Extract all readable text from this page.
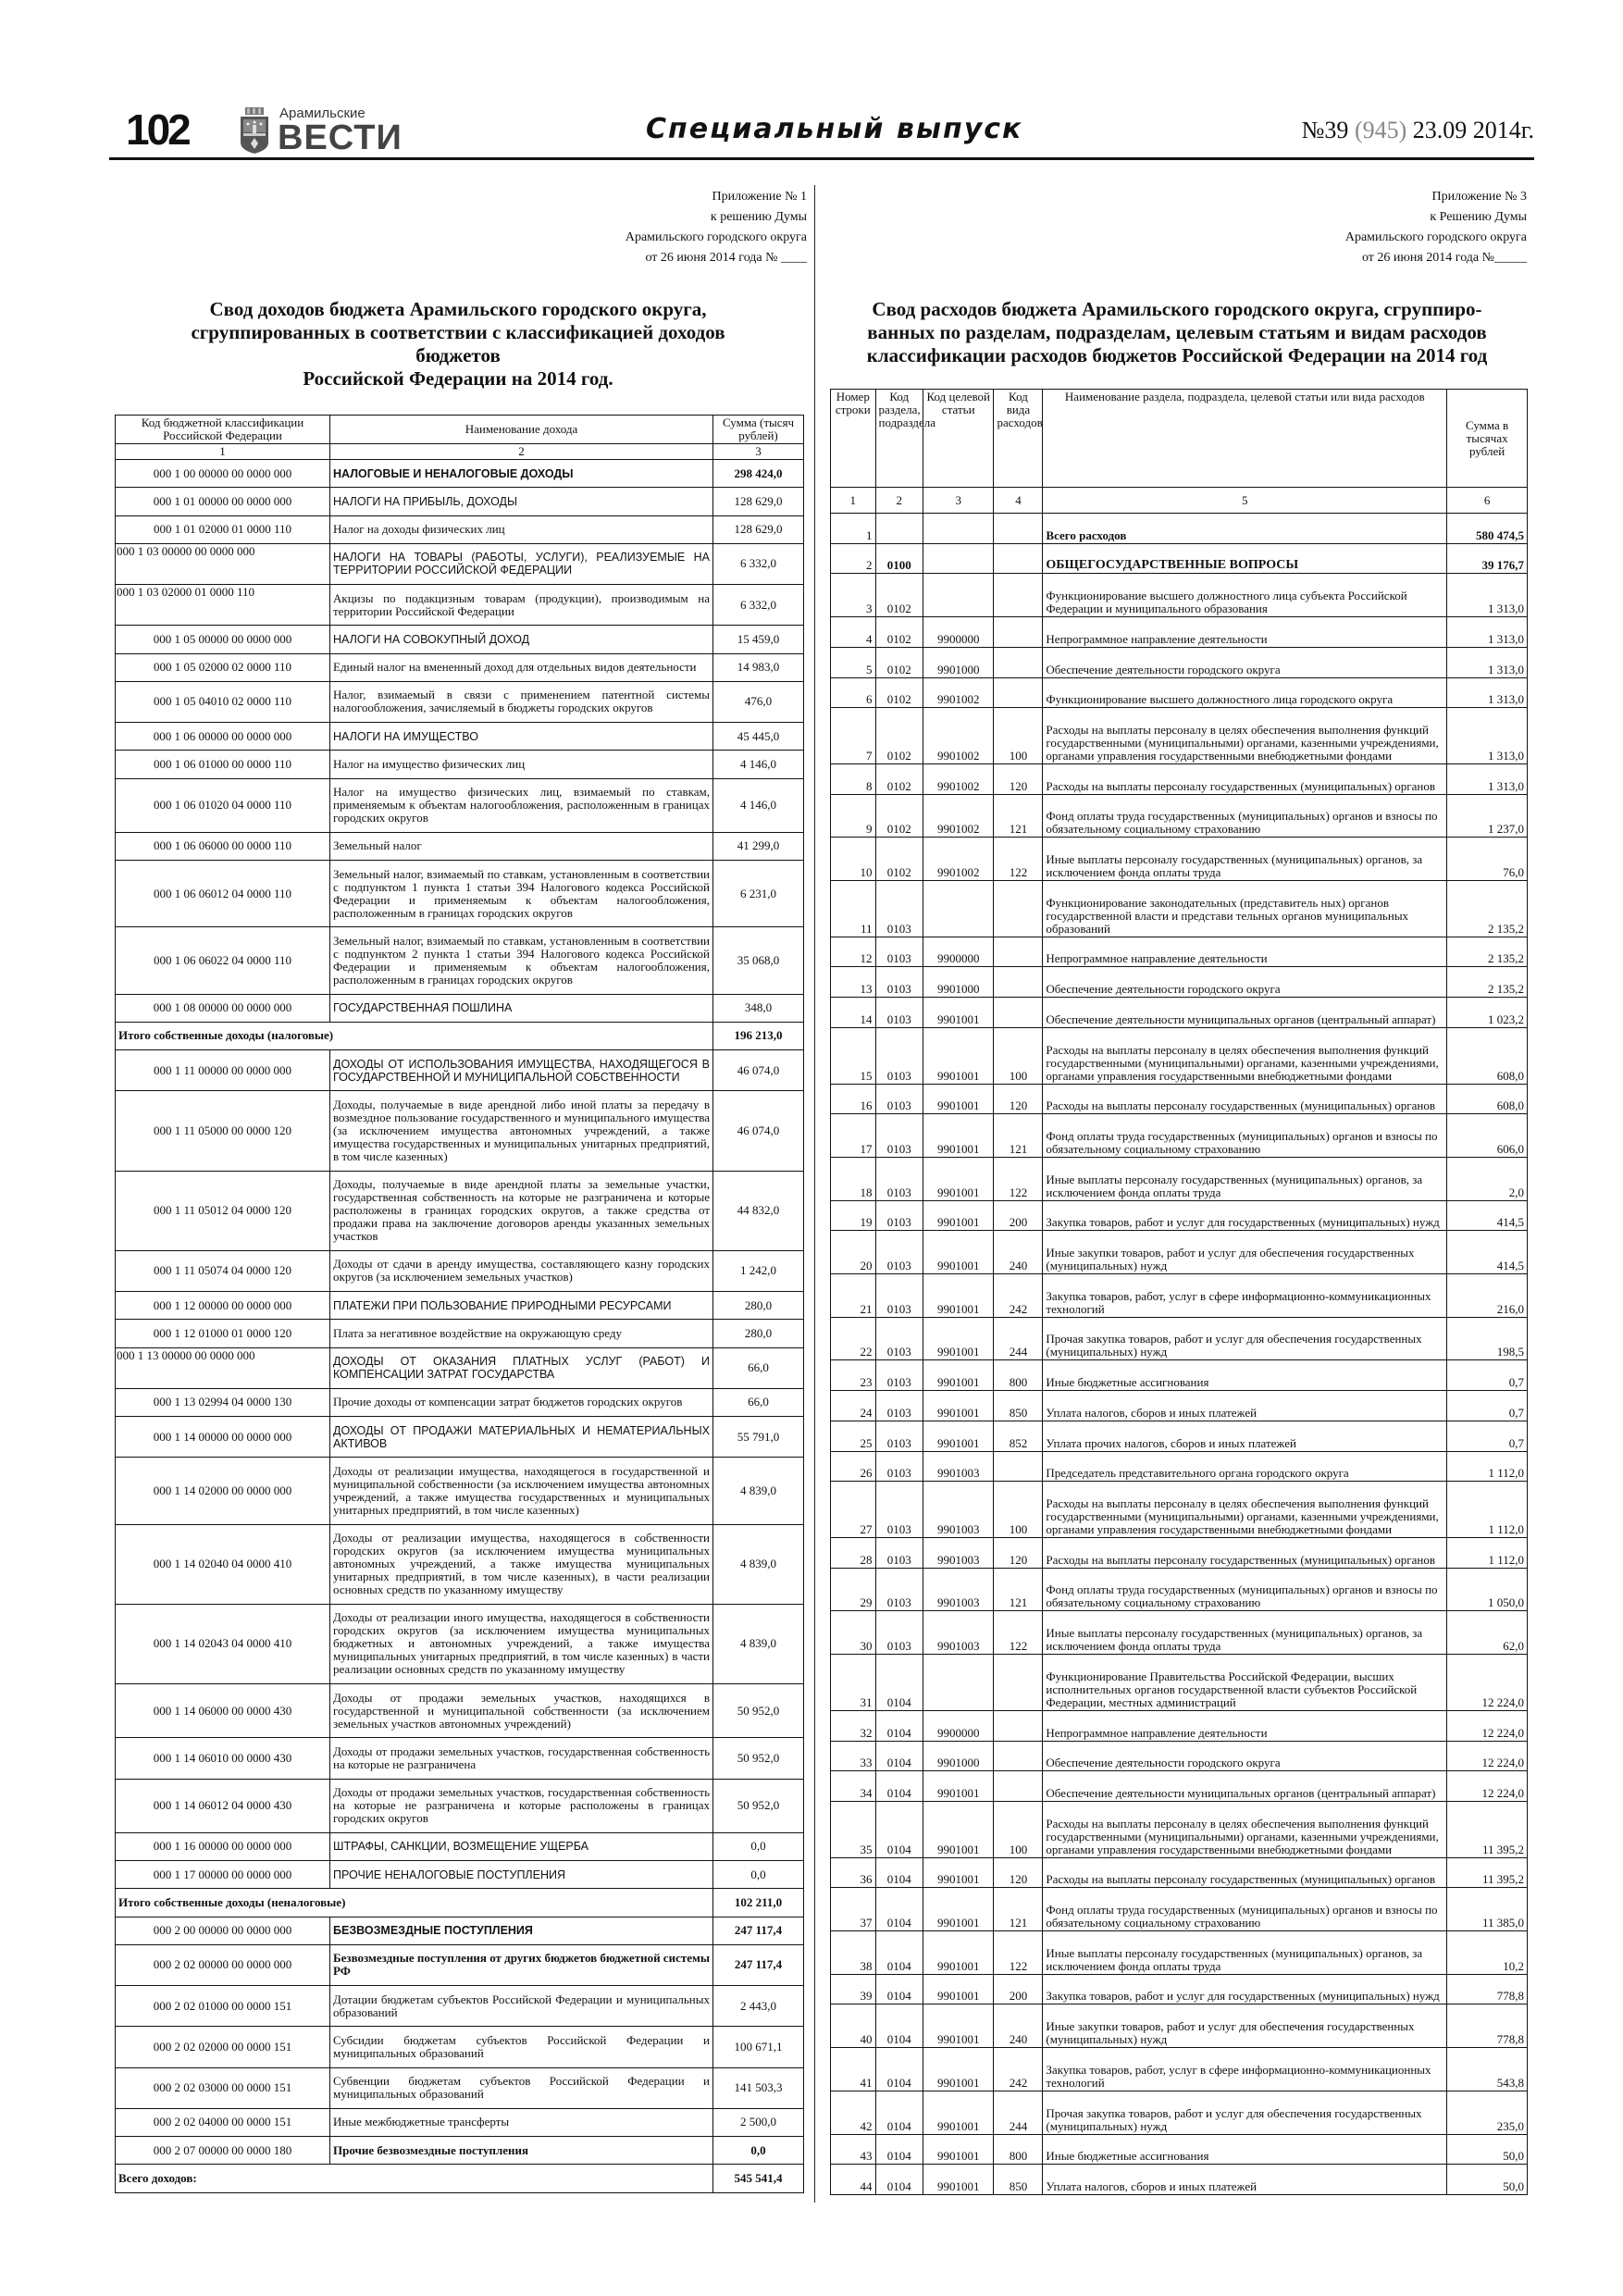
102	Арамильские
ВЕСТИ	Специальный выпуск	№39 (945) 23.09 2014г.
Приложение № 1
к решению Думы
Арамильского городского округа
от 26 июня 2014 года № ____
Свод доходов бюджета Арамильского городского округа,
сгруппированных в соответствии с классификацией доходов
бюджетов
Российской Федерации на 2014 год.
Код бюджетной классификации Российской Федерации	Наименование дохода	Сумма (тысяч рублей)
1	2	3
000 1 00 00000 00 0000 000	НАЛОГОВЫЕ И НЕНАЛОГОВЫЕ ДОХОДЫ	298 424,0
000 1 01 00000 00 0000 000	НАЛОГИ НА ПРИБЫЛЬ, ДОХОДЫ	128 629,0
000 1 01 02000 01 0000 110	Налог на доходы физических лиц	128 629,0
000 1 03 00000 00 0000 000	НАЛОГИ НА ТОВАРЫ (РАБОТЫ, УСЛУГИ), РЕАЛИЗУЕМЫЕ НА ТЕРРИТОРИИ РОССИЙСКОЙ ФЕДЕРАЦИИ	6 332,0
000 1 03 02000 01 0000 110	Акцизы по подакцизным товарам (продукции), производимым на территории Российской Федерации	6 332,0
000 1 05 00000 00 0000 000	НАЛОГИ НА СОВОКУПНЫЙ ДОХОД	15 459,0
000 1 05 02000 02 0000 110	Единый налог на вмененный доход для отдельных видов деятельности	14 983,0
000 1 05 04010 02 0000 110	Налог, взимаемый в связи с применением патентной системы налогообложения, зачисляемый в бюджеты городских округов	476,0
000 1 06 00000 00 0000 000	НАЛОГИ НА ИМУЩЕСТВО	45 445,0
000 1 06 01000 00 0000 110	Налог на имущество физических лиц	4 146,0
000 1 06 01020 04 0000 110	Налог на имущество физических лиц, взимаемый по ставкам, применяемым к объектам налогообложения, расположенным в границах городских округов	4 146,0
000 1 06 06000 00 0000 110	Земельный налог	41 299,0
000 1 06 06012 04 0000 110	Земельный налог, взимаемый по ставкам, установленным в соответствии с подпунктом 1 пункта 1 статьи 394 Налогового кодекса Российской Федерации и применяемым к объектам налогообложения, расположенным в границах городских округов	6 231,0
000 1 06 06022 04 0000 110	Земельный налог, взимаемый по ставкам, установленным в соответствии с подпунктом 2 пункта 1 статьи 394 Налогового кодекса Российской Федерации и применяемым к объектам налогообложения, расположенным в границах городских округов	35 068,0
000 1 08 00000 00 0000 000	ГОСУДАРСТВЕННАЯ ПОШЛИНА	348,0
Итого собственные доходы (налоговые)		196 213,0
000 1 11 00000 00 0000 000	ДОХОДЫ ОТ ИСПОЛЬЗОВАНИЯ ИМУЩЕСТВА, НАХОДЯЩЕГОСЯ В ГОСУДАРСТВЕННОЙ И МУНИЦИПАЛЬНОЙ СОБСТВЕННОСТИ	46 074,0
000 1 11 05000 00 0000 120	Доходы, получаемые в виде арендной либо иной платы за передачу в возмездное пользование государственного и муниципального имущества (за исключением имущества автономных учреждений, а также имущества государственных и муниципальных унитарных предприятий, в том числе казенных)	46 074,0
000 1 11 05012 04 0000 120	Доходы, получаемые в виде арендной платы за земельные участки, государственная собственность на которые не разграничена и которые расположены в границах городских округов, а также средства от продажи права на заключение договоров аренды указанных земельных участков	44 832,0
000 1 11 05074 04 0000 120	Доходы от сдачи в аренду имущества, составляющего казну городских округов (за исключением земельных участков)	1 242,0
000 1 12 00000 00 0000 000	ПЛАТЕЖИ ПРИ ПОЛЬЗОВАНИЕ ПРИРОДНЫМИ РЕСУРСАМИ	280,0
000 1 12 01000 01 0000 120	Плата за негативное воздействие на окружающую среду	280,0
000 1 13 00000 00 0000 000	ДОХОДЫ ОТ ОКАЗАНИЯ ПЛАТНЫХ УСЛУГ (РАБОТ) И КОМПЕНСАЦИИ ЗАТРАТ ГОСУДАРСТВА	66,0
000 1 13 02994 04 0000 130	Прочие доходы от компенсации затрат бюджетов городских округов	66,0
000 1 14 00000 00 0000 000	ДОХОДЫ ОТ ПРОДАЖИ МАТЕРИАЛЬНЫХ И НЕМАТЕРИАЛЬНЫХ АКТИВОВ	55 791,0
000 1 14 02000 00 0000 000	Доходы от реализации имущества, находящегося в государственной и муниципальной собственности (за исключением имущества автономных учреждений, а также имущества государственных и муниципальных унитарных предприятий, в том числе казенных)	4 839,0
000 1 14 02040 04 0000 410	Доходы от реализации имущества, находящегося в собственности городских округов (за исключением имущества муниципальных автономных учреждений, а также имущества муниципальных унитарных предприятий, в том числе казенных), в части реализации основных средств по указанному имуществу	4 839,0
000 1 14 02043 04 0000 410	Доходы от реализации иного имущества, находящегося в собственности городских округов (за исключением имущества муниципальных бюджетных и автономных учреждений, а также имущества муниципальных унитарных предприятий, в том числе казенных) в части реализации основных средств по указанному имуществу	4 839,0
000 1 14 06000 00 0000 430	Доходы от продажи земельных участков, находящихся в государственной и муниципальной собственности (за исключением земельных участков автономных учреждений)	50 952,0
000 1 14 06010 00 0000 430	Доходы от продажи земельных участков, государственная собственность на которые не разграничена	50 952,0
000 1 14 06012 04 0000 430	Доходы от продажи земельных участков, государственная собственность на которые не разграничена и которые расположены в границах городских округов	50 952,0
000 1 16 00000 00 0000 000	ШТРАФЫ, САНКЦИИ, ВОЗМЕЩЕНИЕ УЩЕРБА	0,0
000 1 17 00000 00 0000 000	ПРОЧИЕ НЕНАЛОГОВЫЕ ПОСТУПЛЕНИЯ	0,0
Итого собственные доходы (неналоговые)		102 211,0
000 2 00 00000 00 0000 000	БЕЗВОЗМЕЗДНЫЕ ПОСТУПЛЕНИЯ	247 117,4
000 2 02 00000 00 0000 000	Безвозмездные поступления от других бюджетов бюджетной системы РФ	247 117,4
000 2 02 01000 00 0000 151	Дотации бюджетам субъектов Российской Федерации и муниципальных образований	2 443,0
000 2 02 02000 00 0000 151	Субсидии бюджетам субъектов Российской Федерации и муниципальных образований	100 671,1
000 2 02 03000 00 0000 151	Субвенции бюджетам субъектов Российской Федерации и муниципальных образований	141 503,3
000 2 02 04000 00 0000 151	Иные межбюджетные трансферты	2 500,0
000 2 07 00000 00 0000 180	Прочие безвозмездные поступления	0,0
Всего доходов:		545 541,4
Приложение № 3
к Решению Думы
Арамильского городского округа
от 26 июня 2014 года №_____
Свод расходов бюджета Арамильского городского округа, сгруппиро-
ванных по разделам, подразделам, целевым статьям и видам расходов
классификации расходов бюджетов Российской Федерации на 2014 год
Номер строки	Код раздела, подраздела	Код целевой статьи	Код вида расходов	Наименование раздела, подраздела, целевой статьи или вида расходов	Сумма в тысячах рублей
1	2	3	4	5	6
1				Всего расходов	580 474,5
2	0100			ОБЩЕГОСУДАРСТВЕННЫЕ ВОПРОСЫ	39 176,7
3	0102			Функционирование высшего должностного лица субъекта Российской Федерации и муниципального образования	1 313,0
4	0102	9900000		Непрограммное направление деятельности	1 313,0
5	0102	9901000		Обеспечение деятельности городского округа	1 313,0
6	0102	9901002		Функционирование высшего должностного лица городского округа	1 313,0
7	0102	9901002	100	Расходы на выплаты персоналу в целях обеспечения выполнения функций государственными (муниципальными) органами, казенными учреждениями, органами управления государственными внебюджетными фондами	1 313,0
8	0102	9901002	120	Расходы на выплаты персоналу государственных (муниципальных) органов	1 313,0
9	0102	9901002	121	Фонд оплаты труда государственных (муниципальных) органов и взносы по обязательному социальному страхованию	1 237,0
10	0102	9901002	122	Иные выплаты персоналу государственных (муниципальных) органов, за исключением фонда оплаты труда	76,0
11	0103			Функционирование законодательных (представитель ных) органов государственной власти и представи тельных органов муниципальных образований	2 135,2
12	0103	9900000		Непрограммное направление деятельности	2 135,2
13	0103	9901000		Обеспечение деятельности городского округа	2 135,2
14	0103	9901001		Обеспечение деятельности муниципальных органов (центральный аппарат)	1 023,2
15	0103	9901001	100	Расходы на выплаты персоналу в целях обеспечения выполнения функций государственными (муниципальными) органами, казенными учреждениями, органами управления государственными внебюджетными фондами	608,0
16	0103	9901001	120	Расходы на выплаты персоналу государственных (муниципальных) органов	608,0
17	0103	9901001	121	Фонд оплаты труда государственных (муниципальных) органов и взносы по обязательному социальному страхованию	606,0
18	0103	9901001	122	Иные выплаты персоналу государственных (муниципальных) органов, за исключением фонда оплаты труда	2,0
19	0103	9901001	200	Закупка товаров, работ и услуг для государственных (муниципальных) нужд	414,5
20	0103	9901001	240	Иные закупки товаров, работ и услуг для обеспечения государственных (муниципальных) нужд	414,5
21	0103	9901001	242	Закупка товаров, работ, услуг в сфере информационно-коммуникационных технологий	216,0
22	0103	9901001	244	Прочая закупка товаров, работ и услуг для обеспечения государственных (муниципальных) нужд	198,5
23	0103	9901001	800	Иные бюджетные ассигнования	0,7
24	0103	9901001	850	Уплата налогов, сборов и иных платежей	0,7
25	0103	9901001	852	Уплата прочих налогов, сборов и иных платежей	0,7
26	0103	9901003		Председатель представительного органа городского округа	1 112,0
27	0103	9901003	100	Расходы на выплаты персоналу в целях обеспечения выполнения функций государственными (муниципальными) органами, казенными учреждениями, органами управления государственными внебюджетными фондами	1 112,0
28	0103	9901003	120	Расходы на выплаты персоналу государственных (муниципальных) органов	1 112,0
29	0103	9901003	121	Фонд оплаты труда государственных (муниципальных) органов и взносы по обязательному социальному страхованию	1 050,0
30	0103	9901003	122	Иные выплаты персоналу государственных (муниципальных) органов, за исключением фонда оплаты труда	62,0
31	0104			Функционирование Правительства Российской Федерации, высших исполнительных органов государственной власти субъектов Российской Федерации, местных администраций	12 224,0
32	0104	9900000		Непрограммное направление деятельности	12 224,0
33	0104	9901000		Обеспечение деятельности городского округа	12 224,0
34	0104	9901001		Обеспечение деятельности муниципальных органов (центральный аппарат)	12 224,0
35	0104	9901001	100	Расходы на выплаты персоналу в целях обеспечения выполнения функций государственными (муниципальными) органами, казенными учреждениями, органами управления государственными внебюджетными фондами	11 395,2
36	0104	9901001	120	Расходы на выплаты персоналу государственных (муниципальных) органов	11 395,2
37	0104	9901001	121	Фонд оплаты труда государственных (муниципальных) органов и взносы по обязательному социальному страхованию	11 385,0
38	0104	9901001	122	Иные выплаты персоналу государственных (муниципальных) органов, за исключением фонда оплаты труда	10,2
39	0104	9901001	200	Закупка товаров, работ и услуг для государственных (муниципальных) нужд	778,8
40	0104	9901001	240	Иные закупки товаров, работ и услуг для обеспечения государственных (муниципальных) нужд	778,8
41	0104	9901001	242	Закупка товаров, работ, услуг в сфере информационно-коммуникационных технологий	543,8
42	0104	9901001	244	Прочая закупка товаров, работ и услуг для обеспечения государственных (муниципальных) нужд	235,0
43	0104	9901001	800	Иные бюджетные ассигнования	50,0
44	0104	9901001	850	Уплата налогов, сборов и иных платежей	50,0
